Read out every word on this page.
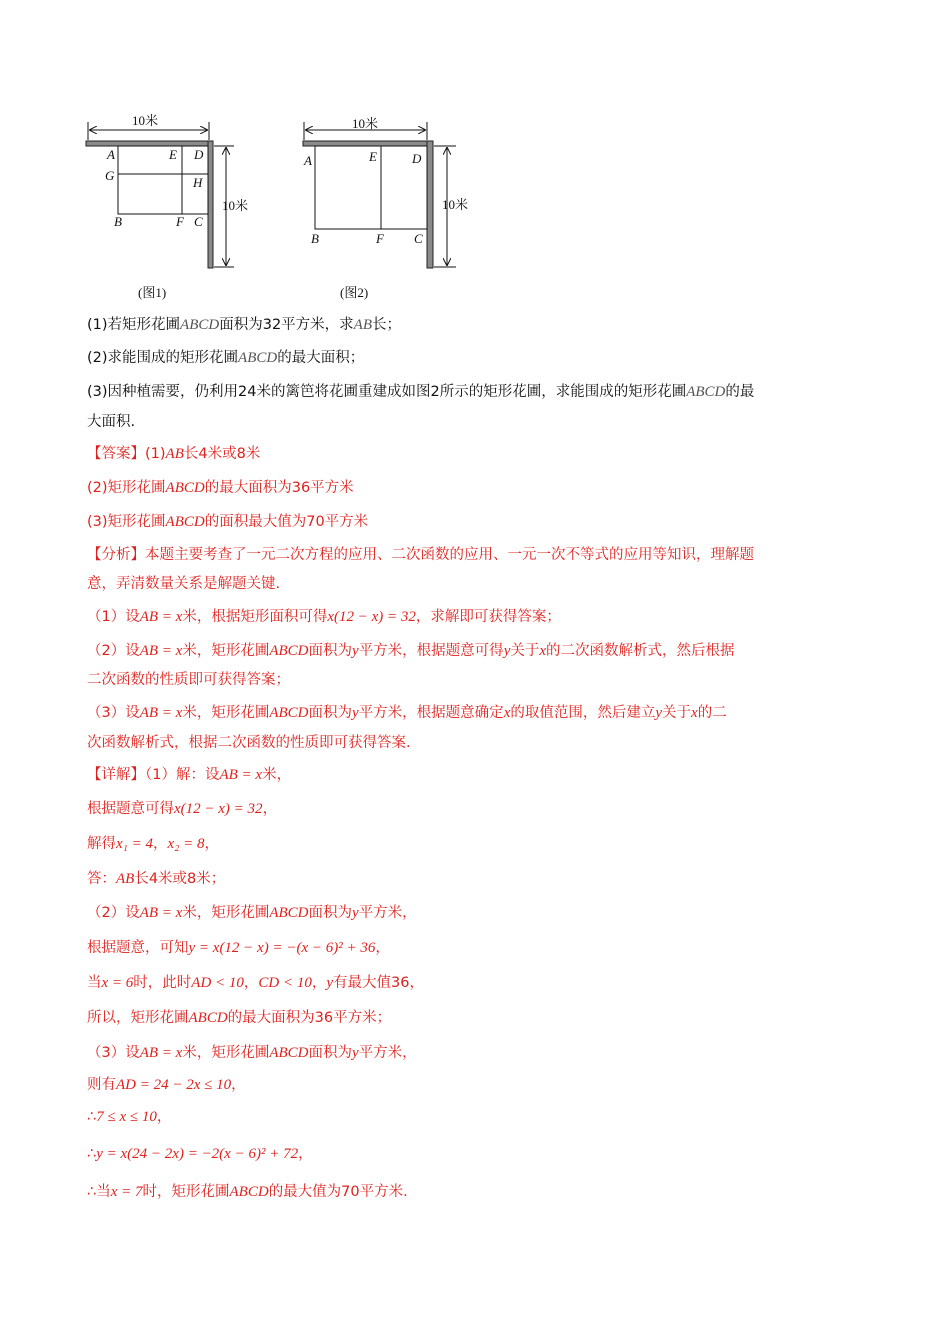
10米
10米
A	E D
G	H
B	F C
(图1)
10米
10米
A	E	D
B	F C
(图2)
(1)若矩形花圃ABCD面积为32平方米，求AB长；
(2)求能围成的矩形花圃ABCD的最大面积；
(3)因种植需要，仍利用24米的篱笆将花圃重建成如图2所示的矩形花圃，求能围成的矩形花圃ABCD的最
大面积.
【答案】(1)AB长4米或8米
(2)矩形花圃ABCD的最大面积为36平方米
(3)矩形花圃ABCD的面积最大值为70平方米
【分析】本题主要考查了一元二次方程的应用、二次函数的应用、一元一次不等式的应用等知识，理解题
意，弄清数量关系是解题关键.
（1）设AB = x米，根据矩形面积可得x(12 − x) = 32，求解即可获得答案；
（2）设AB = x米，矩形花圃ABCD面积为y平方米，根据题意可得y关于x的二次函数解析式，然后根据
二次函数的性质即可获得答案；
（3）设AB = x米，矩形花圃ABCD面积为y平方米，根据题意确定x的取值范围，然后建立y关于x的二
次函数解析式，根据二次函数的性质即可获得答案.
【详解】（1）解：设AB = x米，
根据题意可得x(12 − x) = 32，
解得x₁ = 4，x₂ = 8，
答：AB长4米或8米；
（2）设AB = x米，矩形花圃ABCD面积为y平方米，
根据题意，可知y = x(12 − x) = −(x − 6)² + 36，
当x = 6时，此时AD < 10，CD < 10，y有最大值36，
所以，矩形花圃ABCD的最大面积为36平方米；
（3）设AB = x米，矩形花圃ABCD面积为y平方米，
则有AD = 24 − 2x ≤ 10，
∴7 ≤ x ≤ 10，
∴y = x(24 − 2x) = −2(x − 6)² + 72，
∴当x = 7时，矩形花圃ABCD的最大值为70平方米.
